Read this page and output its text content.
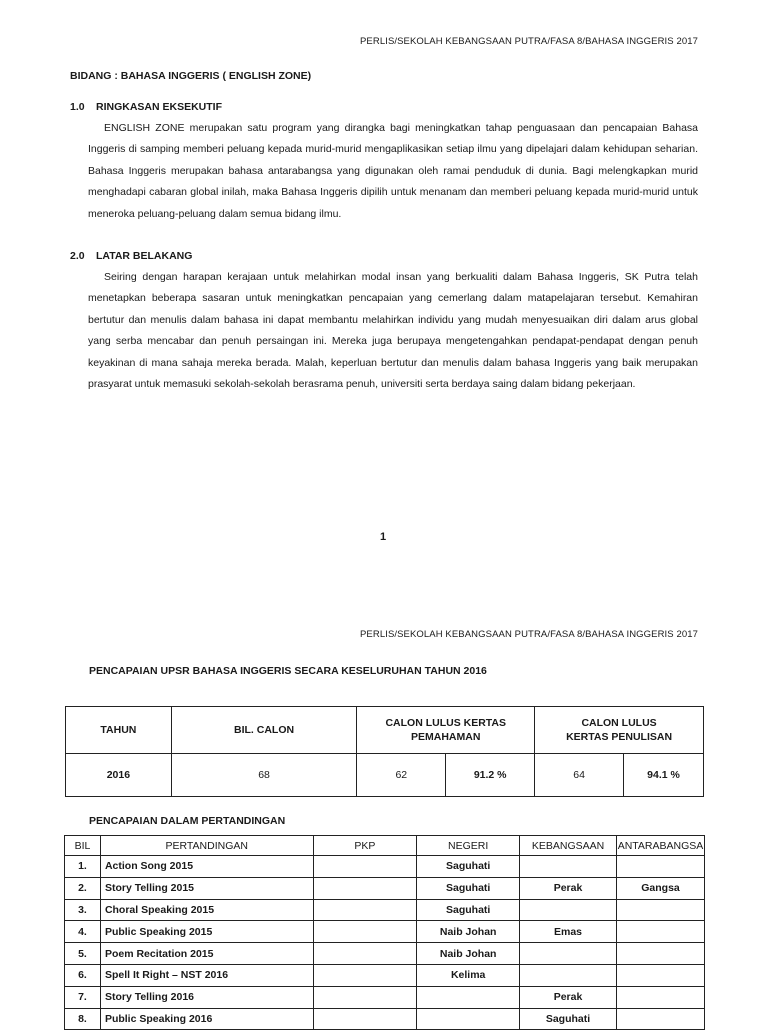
PERLIS/SEKOLAH KEBANGSAAN PUTRA/FASA 8/BAHASA INGGERIS 2017
BIDANG : BAHASA INGGERIS ( ENGLISH ZONE)
1.0 RINGKASAN EKSEKUTIF
ENGLISH ZONE merupakan satu program yang dirangka bagi meningkatkan tahap penguasaan dan pencapaian Bahasa Inggeris di samping memberi peluang kepada murid-murid mengaplikasikan setiap ilmu yang dipelajari dalam kehidupan seharian. Bahasa Inggeris merupakan bahasa antarabangsa yang digunakan oleh ramai penduduk di dunia. Bagi melengkapkan murid menghadapi cabaran global inilah, maka Bahasa Inggeris dipilih untuk menanam dan memberi peluang kepada murid-murid untuk meneroka peluang-peluang dalam semua bidang ilmu.
2.0 LATAR BELAKANG
Seiring dengan harapan kerajaan untuk melahirkan modal insan yang berkualiti dalam Bahasa Inggeris, SK Putra telah menetapkan beberapa sasaran untuk meningkatkan pencapaian yang cemerlang dalam matapelajaran tersebut. Kemahiran bertutur dan menulis dalam bahasa ini dapat membantu melahirkan individu yang mudah menyesuaikan diri dalam arus global yang serba mencabar dan penuh persaingan ini. Mereka juga berupaya mengetengahkan pendapat-pendapat dengan penuh keyakinan di mana sahaja mereka berada. Malah, keperluan bertutur dan menulis dalam bahasa Inggeris yang baik merupakan prasyarat untuk memasuki sekolah-sekolah berasrama penuh, universiti serta berdaya saing dalam bidang pekerjaan.
1
PERLIS/SEKOLAH KEBANGSAAN PUTRA/FASA 8/BAHASA INGGERIS 2017
PENCAPAIAN UPSR BAHASA INGGERIS SECARA KESELURUHAN TAHUN 2016
TAHUN	BIL. CALON	CALON LULUS KERTAS PEMAHAMAN		CALON LULUS KERTAS PENULISAN	
2016	68	62	91.2 %	64	94.1 %
PENCAPAIAN DALAM PERTANDINGAN
BIL	PERTANDINGAN	PKP	NEGERI	KEBANGSAAN	ANTARABANGSA
1.	Action Song 2015		Saguhati		
2.	Story Telling 2015		Saguhati	Perak	Gangsa
3.	Choral Speaking 2015		Saguhati		
4.	Public Speaking 2015		Naib Johan	Emas	
5.	Poem Recitation 2015		Naib Johan		
6.	Spell It Right – NST 2016		Kelima		
7.	Story Telling 2016			Perak	
8.	Public Speaking 2016			Saguhati	
